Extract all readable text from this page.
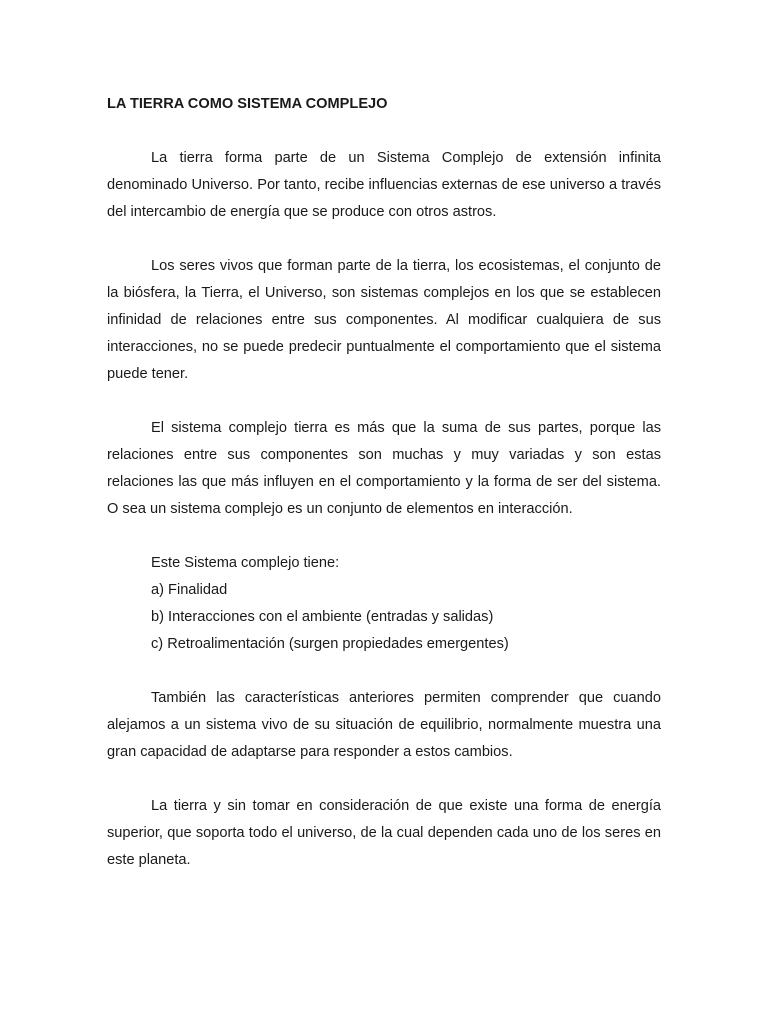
LA TIERRA COMO SISTEMA COMPLEJO

La tierra forma parte de un Sistema Complejo de extensión infinita denominado Universo. Por tanto, recibe influencias externas de ese universo a través del intercambio de energía que se produce con otros astros.

Los seres vivos que forman parte de la tierra, los ecosistemas, el conjunto de la biósfera, la Tierra, el Universo, son sistemas complejos en los que se establecen infinidad de relaciones entre sus componentes. Al modificar cualquiera de sus interacciones, no se puede predecir puntualmente el comportamiento que el sistema puede tener.

El sistema complejo tierra es más que la suma de sus partes, porque las relaciones entre sus componentes son muchas y muy variadas y son estas relaciones las que más influyen en el comportamiento y la forma de ser del sistema. O sea un sistema complejo es un conjunto de elementos en interacción.

Este Sistema complejo tiene:
a) Finalidad
b) Interacciones con el ambiente (entradas y salidas)
c) Retroalimentación (surgen propiedades emergentes)

También las características anteriores permiten comprender que cuando alejamos a un sistema vivo de su situación de equilibrio, normalmente muestra una gran capacidad de adaptarse para responder a estos cambios.

La tierra y sin tomar en consideración de que existe una forma de energía superior, que soporta todo el universo, de la cual dependen cada uno de los seres en este planeta.
